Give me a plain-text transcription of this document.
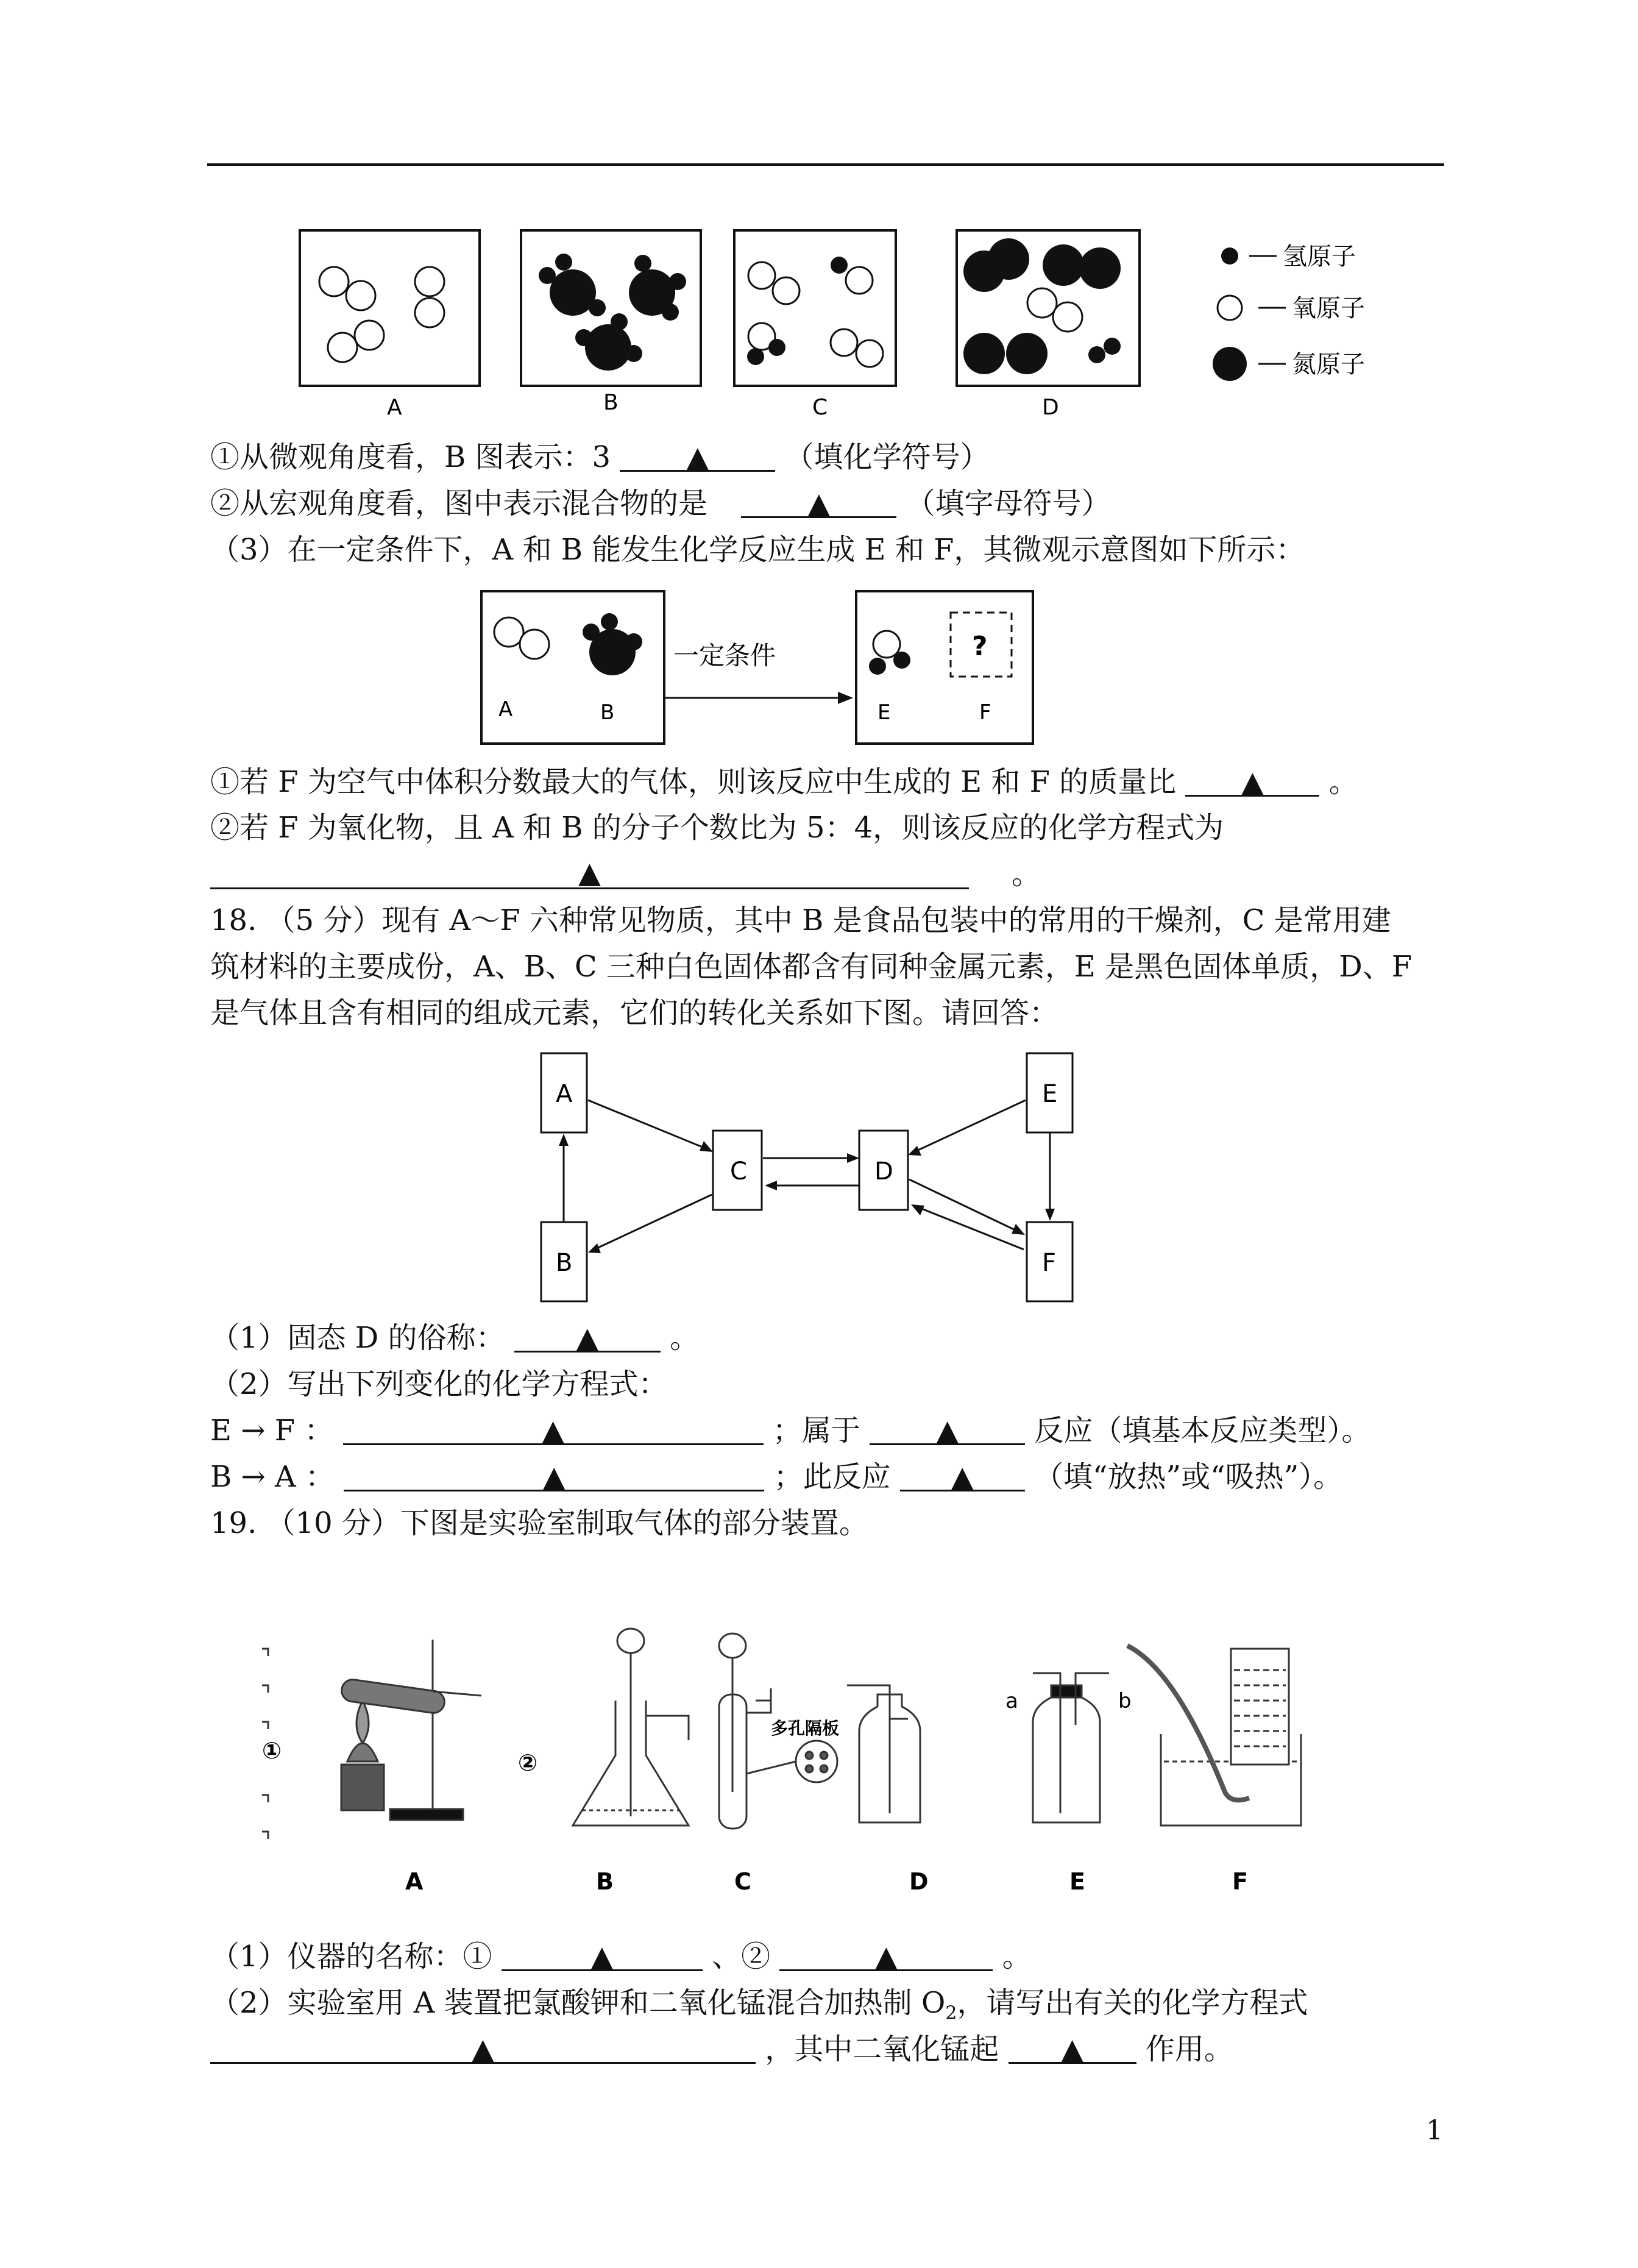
氢原子
氧原子
氮原子
A	B	C	D
①从微观角度看，B 图表示：3	▲	（填化学符号）
②从宏观角度看，图中表示混合物的是	▲	（填字母符号）
（3）在一定条件下，A 和 B 能发生化学反应生成 E 和 F，其微观示意图如下所示：
?
一定条件
A	B	E	F
①若 F 为空气中体积分数最大的气体，则该反应中生成的 E 和 F 的质量比 ▲ 。
②若 F 为氧化物，且 A 和 B 的分子个数比为 5：4，则该反应的化学方程式为
▲	。
18. （5 分）现有 A～F 六种常见物质，其中 B 是食品包装中的常用的干燥剂，C 是常用建
筑材料的主要成份，A、B、C 三种白色固体都含有同种金属元素，E 是黑色固体单质，D、F
是气体且含有相同的组成元素，它们的转化关系如下图。请回答：
A
B
C	D
E
F
（1）固态 D 的俗称： ▲ 。
（2）写出下列变化的化学方程式：
E → F ：	▲	；属于	▲	反应（填基本反应类型）。
B → A ：	▲	；此反应 ▲ （填“放热”或“吸热”）。
19. （10 分）下图是实验室制取气体的部分装置。
①	②
A	B	C	D	E	F
多孔隔板
a	b
（1）仪器的名称：①	▲	、②	▲	。
（2）实验室用 A 装置把氯酸钾和二氧化锰混合加热制 $O_2$，请写出有关的化学方程式
▲	，其中二氧化锰起 ▲ 作用。
1
